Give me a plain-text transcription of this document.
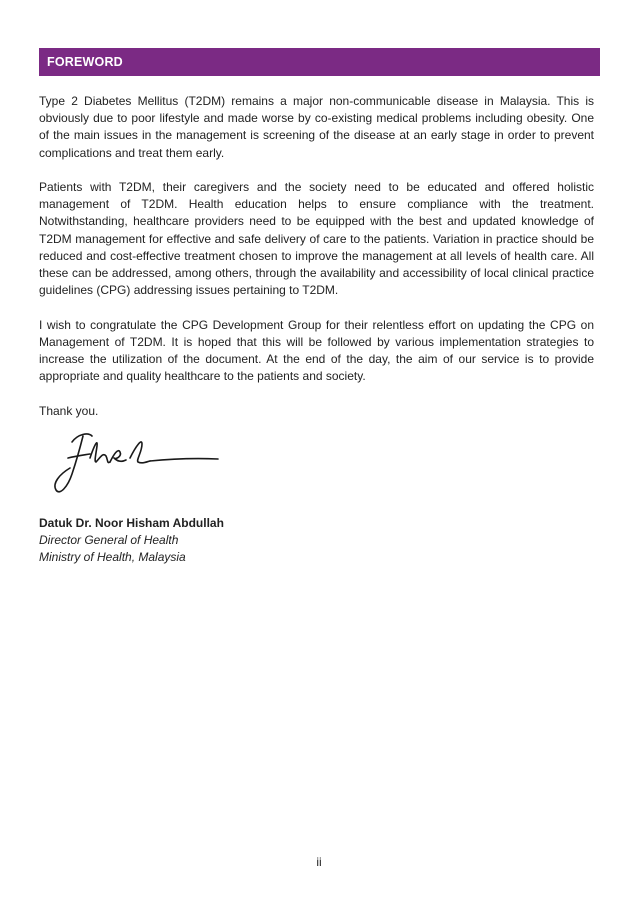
FOREWORD

Type 2 Diabetes Mellitus (T2DM) remains a major non-communicable disease in Malaysia. This is obviously due to poor lifestyle and made worse by co-existing medical problems including obesity. One of the main issues in the management is screening of the disease at an early stage in order to prevent complications and treat them early.

Patients with T2DM, their caregivers and the society need to be educated and offered holistic management of T2DM. Health education helps to ensure compliance with the treatment. Notwithstanding, healthcare providers need to be equipped with the best and updated knowledge of T2DM management for effective and safe delivery of care to the patients. Variation in practice should be reduced and cost-effective treatment chosen to improve the management at all levels of health care. All these can be addressed, among others, through the availability and accessibility of local clinical practice guidelines (CPG) addressing issues pertaining to T2DM.

I wish to congratulate the CPG Development Group for their relentless effort on updating the CPG on Management of T2DM. It is hoped that this will be followed by various implementation strategies to increase the utilization of the document. At the end of the day, the aim of our service is to provide appropriate and quality healthcare to the patients and society.

Thank you.

Datuk Dr. Noor Hisham Abdullah
Director General of Health
Ministry of Health, Malaysia
ii
